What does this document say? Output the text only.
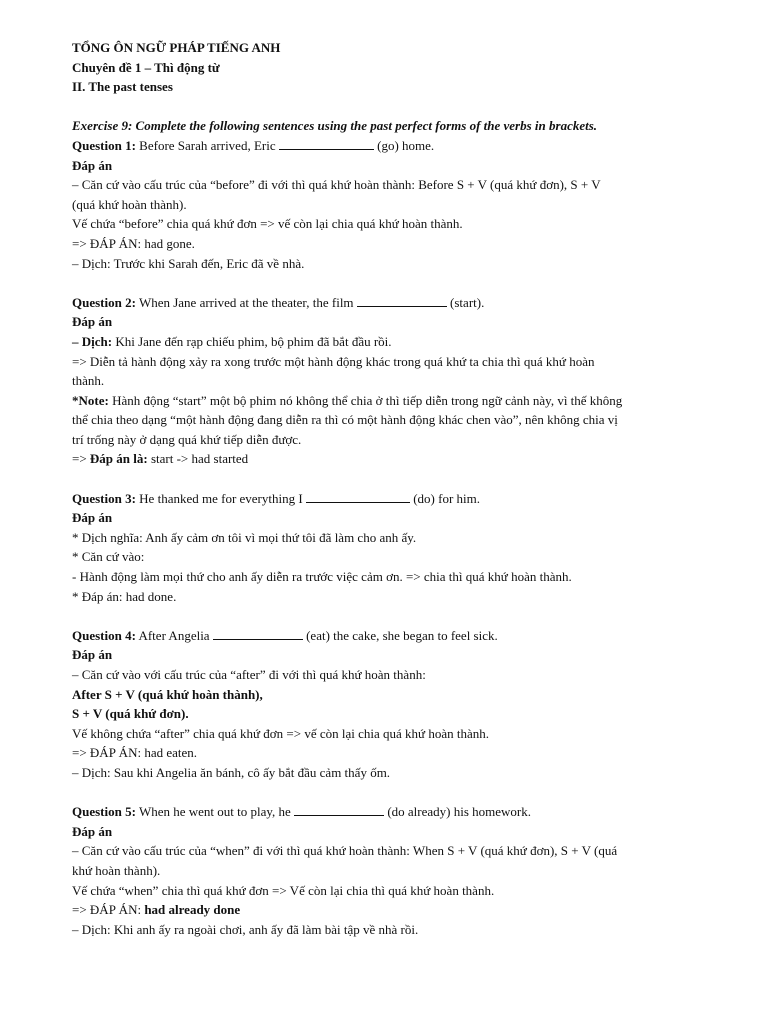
TỔNG ÔN NGỮ PHÁP TIẾNG ANH
Chuyên đề 1 – Thì động từ
II. The past tenses
Exercise 9: Complete the following sentences using the past perfect forms of the verbs in brackets.
Question 1: Before Sarah arrived, Eric	(go) home.
Đáp án
– Căn cứ vào cấu trúc của “before” đi với thì quá khứ hoàn thành: Before S + V (quá khứ đơn), S + V
(quá khứ hoàn thành).
Vế chứa “before” chia quá khứ đơn => vế còn lại chia quá khứ hoàn thành.
=> ĐÁP ÁN: had gone.
– Dịch: Trước khi Sarah đến, Eric đã về nhà.
Question 2: When Jane arrived at the theater, the film	(start).
Đáp án
– Dịch: Khi Jane đến rạp chiếu phim, bộ phim đã bắt đầu rồi.
=> Diễn tả hành động xảy ra xong trước một hành động khác trong quá khứ ta chia thì quá khứ hoàn
thành.
*Note: Hành động “start” một bộ phim nó không thể chia ở thì tiếp diễn trong ngữ cảnh này, vì thế không
thể chia theo dạng “một hành động đang diễn ra thì có một hành động khác chen vào”, nên không chia vị
trí trống này ở dạng quá khứ tiếp diễn được.
=> Đáp án là: start -> had started
Question 3: He thanked me for everything I	(do) for him.
Đáp án
* Dịch nghĩa: Anh ấy cảm ơn tôi vì mọi thứ tôi đã làm cho anh ấy.
* Căn cứ vào:
- Hành động làm mọi thứ cho anh ấy diễn ra trước việc cảm ơn. => chia thì quá khứ hoàn thành.
* Đáp án: had done.
Question 4: After Angelia	(eat) the cake, she began to feel sick.
Đáp án
– Căn cứ vào với cấu trúc của “after” đi với thì quá khứ hoàn thành:
After S + V (quá khứ hoàn thành),
S + V (quá khứ đơn).
Vế không chứa “after” chia quá khứ đơn => vế còn lại chia quá khứ hoàn thành.
=> ĐÁP ÁN: had eaten.
– Dịch: Sau khi Angelia ăn bánh, cô ấy bắt đầu cảm thấy ốm.
Question 5: When he went out to play, he	(do already) his homework.
Đáp án
– Căn cứ vào cấu trúc của “when” đi với thì quá khứ hoàn thành: When S + V (quá khứ đơn), S + V (quá
khứ hoàn thành).
Vế chứa “when” chia thì quá khứ đơn => Vế còn lại chia thì quá khứ hoàn thành.
=> ĐÁP ÁN: had already done
– Dịch: Khi anh ấy ra ngoài chơi, anh ấy đã làm bài tập về nhà rồi.
